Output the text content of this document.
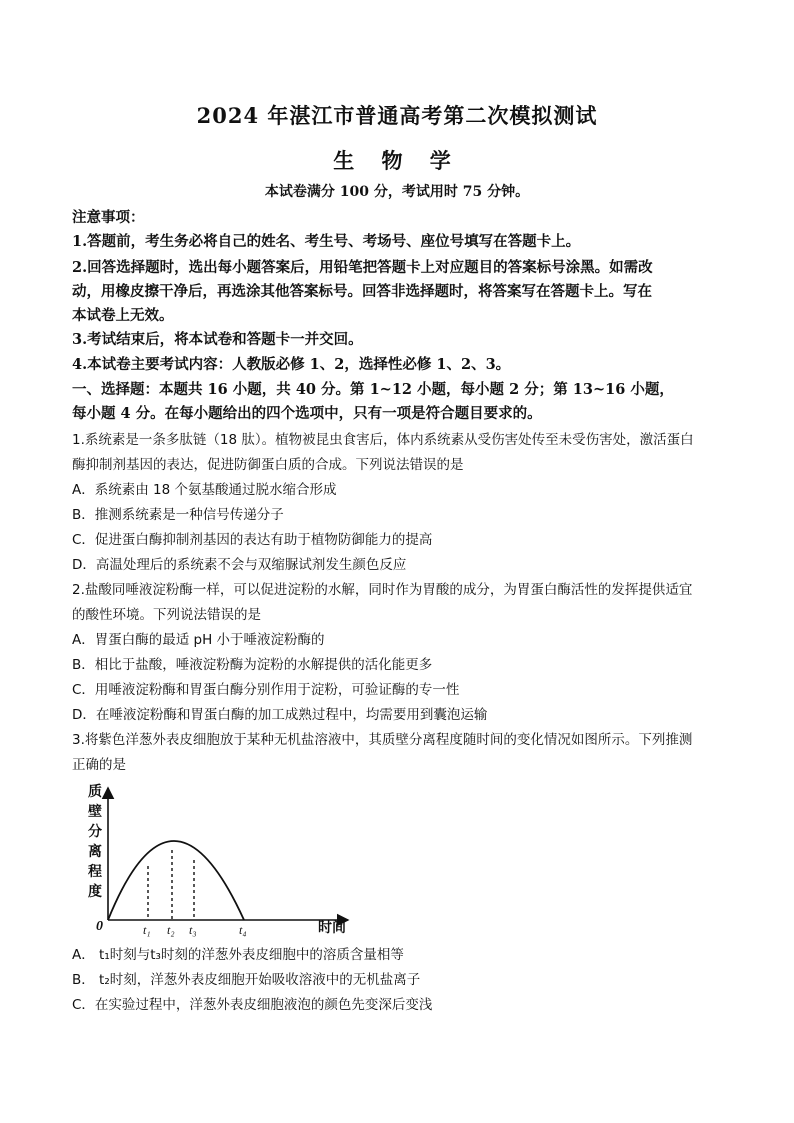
2024 年湛江市普通高考第二次模拟测试
生 物 学
本试卷满分 100 分，考试用时 75 分钟。
注意事项：
1.答题前，考生务必将自己的姓名、考生号、考场号、座位号填写在答题卡上。
2.回答选择题时，选出每小题答案后，用铅笔把答题卡上对应题目的答案标号涂黑。如需改
动，用橡皮擦干净后，再选涂其他答案标号。回答非选择题时，将答案写在答题卡上。写在
本试卷上无效。
3.考试结束后，将本试卷和答题卡一并交回。
4.本试卷主要考试内容：人教版必修 1、2，选择性必修 1、2、3。
一、选择题：本题共 16 小题，共 40 分。第 1~12 小题，每小题 2 分；第 13~16 小题，
每小题 4 分。在每小题给出的四个选项中，只有一项是符合题目要求的。
1.系统素是一条多肽链（18 肽）。植物被昆虫食害后，体内系统素从受伤害处传至未受伤害处，激活蛋白
酶抑制剂基因的表达，促进防御蛋白质的合成。下列说法错误的是
A．系统素由 18 个氨基酸通过脱水缩合形成
B．推测系统素是一种信号传递分子
C．促进蛋白酶抑制剂基因的表达有助于植物防御能力的提高
D．高温处理后的系统素不会与双缩脲试剂发生颜色反应
2.盐酸同唾液淀粉酶一样，可以促进淀粉的水解，同时作为胃酸的成分，为胃蛋白酶活性的发挥提供适宜
的酸性环境。下列说法错误的是
A．胃蛋白酶的最适 pH 小于唾液淀粉酶的
B．相比于盐酸，唾液淀粉酶为淀粉的水解提供的活化能更多
C．用唾液淀粉酶和胃蛋白酶分别作用于淀粉，可验证酶的专一性
D．在唾液淀粉酶和胃蛋白酶的加工成熟过程中，均需要用到囊泡运输
3.将紫色洋葱外表皮细胞放于某种无机盐溶液中，其质壁分离程度随时间的变化情况如图所示。下列推测
正确的是
质
壁
分
离
程
度
0	时间
t₁ t₂ t₃	t₄
A． t₁时刻与t₃时刻的洋葱外表皮细胞中的溶质含量相等
B． t₂时刻，洋葱外表皮细胞开始吸收溶液中的无机盐离子
C．在实验过程中，洋葱外表皮细胞液泡的颜色先变深后变浅
